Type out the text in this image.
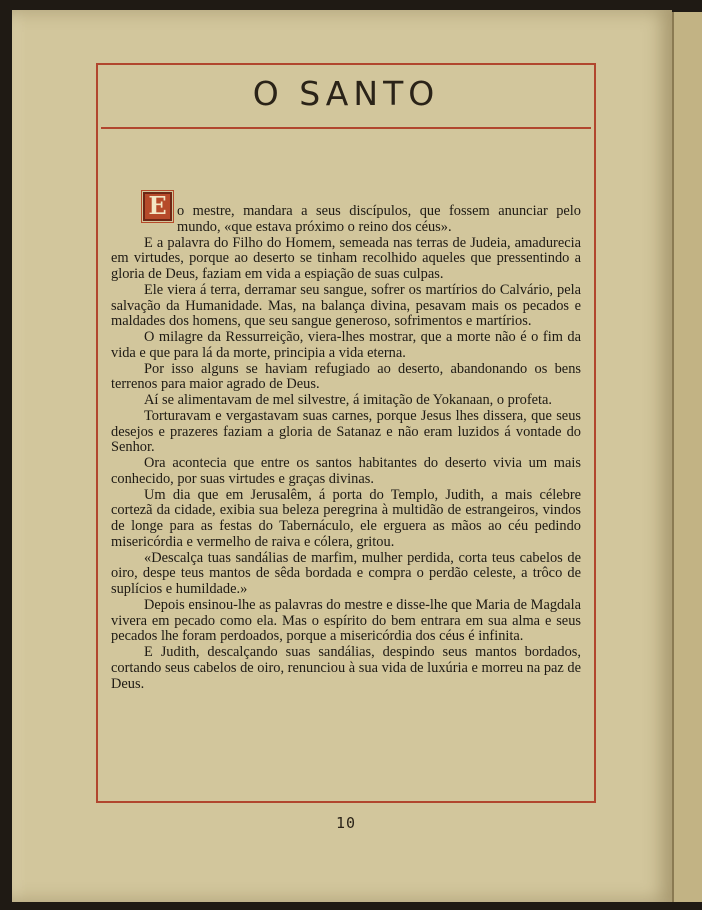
O SANTO
E o mestre, mandara a seus discípulos, que fossem anunciar pelo mundo, «que estava próximo o reino dos céus».

E a palavra do Filho do Homem, semeada nas terras de Judeia, amadurecia em virtudes, porque ao deserto se tinham recolhido aqueles que pressentindo a gloria de Deus, faziam em vida a espiação de suas culpas.

Ele viera á terra, derramar seu sangue, sofrer os martírios do Calvário, pela salvação da Humanidade. Mas, na balança divina, pesavam mais os pecados e maldades dos homens, que seu sangue generoso, sofrimentos e martírios.

O milagre da Ressurreição, viera-lhes mostrar, que a morte não é o fim da vida e que para lá da morte, principia a vida eterna.

Por isso alguns se haviam refugiado ao deserto, abandonando os bens terrenos para maior agrado de Deus.

Aí se alimentavam de mel silvestre, á imitação de Yokanaan, o profeta.

Torturavam e vergastavam suas carnes, porque Jesus lhes dissera, que seus desejos e prazeres faziam a gloria de Satanaz e não eram luzidos á vontade do Senhor.

Ora acontecia que entre os santos habitantes do deserto vivia um mais conhecido, por suas virtudes e graças divinas.

Um dia que em Jerusalêm, á porta do Templo, Judith, a mais célebre cortezã da cidade, exibia sua beleza peregrina à multidão de estrangeiros, vindos de longe para as festas do Tabernáculo, ele erguera as mãos ao céu pedindo misericórdia e vermelho de raiva e cólera, gritou.

«Descalça tuas sandálias de marfim, mulher perdida, corta teus cabelos de oiro, despe teus mantos de sêda bordada e compra o perdão celeste, a trôco de suplícios e humildade.»

Depois ensinou-lhe as palavras do mestre e disse-lhe que Maria de Magdala vivera em pecado como ela. Mas o espírito do bem entrara em sua alma e seus pecados lhe foram perdoados, porque a misericórdia dos céus é infinita.

E Judith, descalçando suas sandálias, despindo seus mantos bordados, cortando seus cabelos de oiro, renunciou à sua vida de luxúria e morreu na paz de Deus.

10
